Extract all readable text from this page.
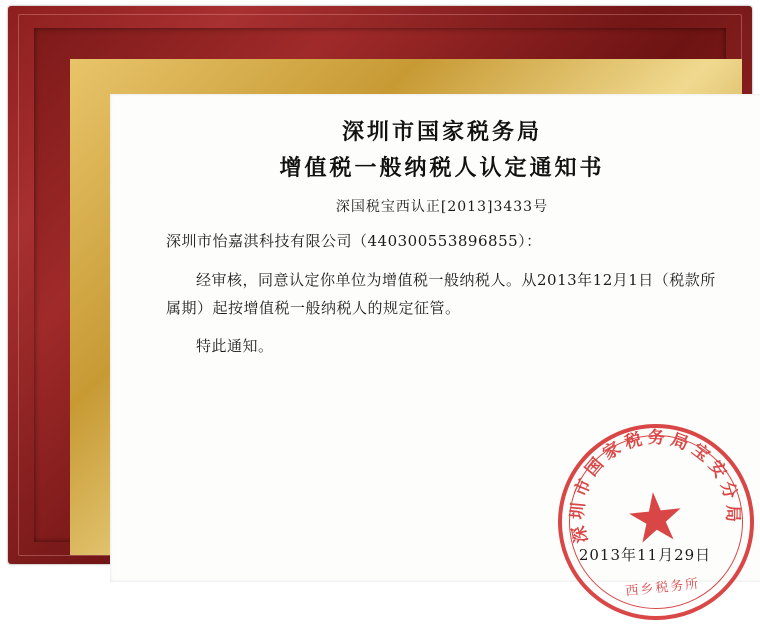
深圳市国家税务局
增值税一般纳税人认定通知书
深国税宝西认正[2013]3433号
深圳市怡嘉淇科技有限公司（440300553896855）：
经审核，同意认定你单位为增值税一般纳税人。从2013年12月1日（税款所属期）起按增值税一般纳税人的规定征管。
特此通知。
深圳市国家税务局宝安分局
西乡税务所
2013年11月29日
